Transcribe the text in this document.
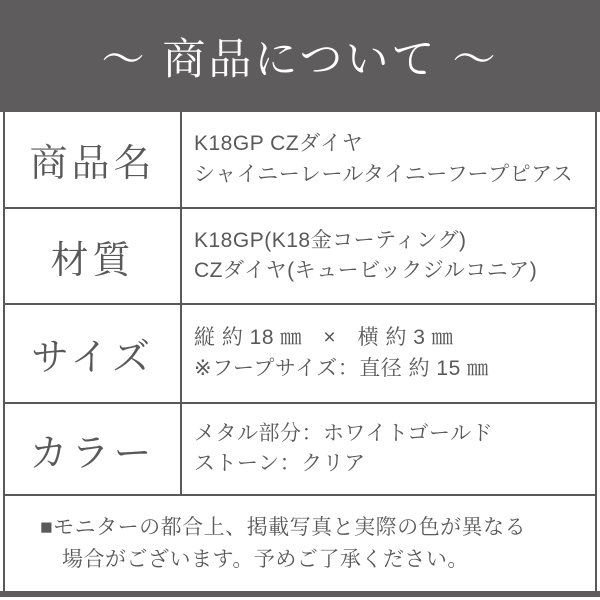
〜 商品について 〜
商品名	K18GP CZダイヤ
シャイニーレールタイニーフープピアス
材質	K18GP(K18金コーティング)
CZダイヤ(キュービックジルコニア)
サイズ	縦 約 18 ㎜　×　横 約 3 ㎜
※フープサイズ：直径 約 15 ㎜
カラー	メタル部分：ホワイトゴールド
ストーン：クリア
■モニターの都合上、掲載写真と実際の色が異なる
場合がございます。予めご了承ください。
